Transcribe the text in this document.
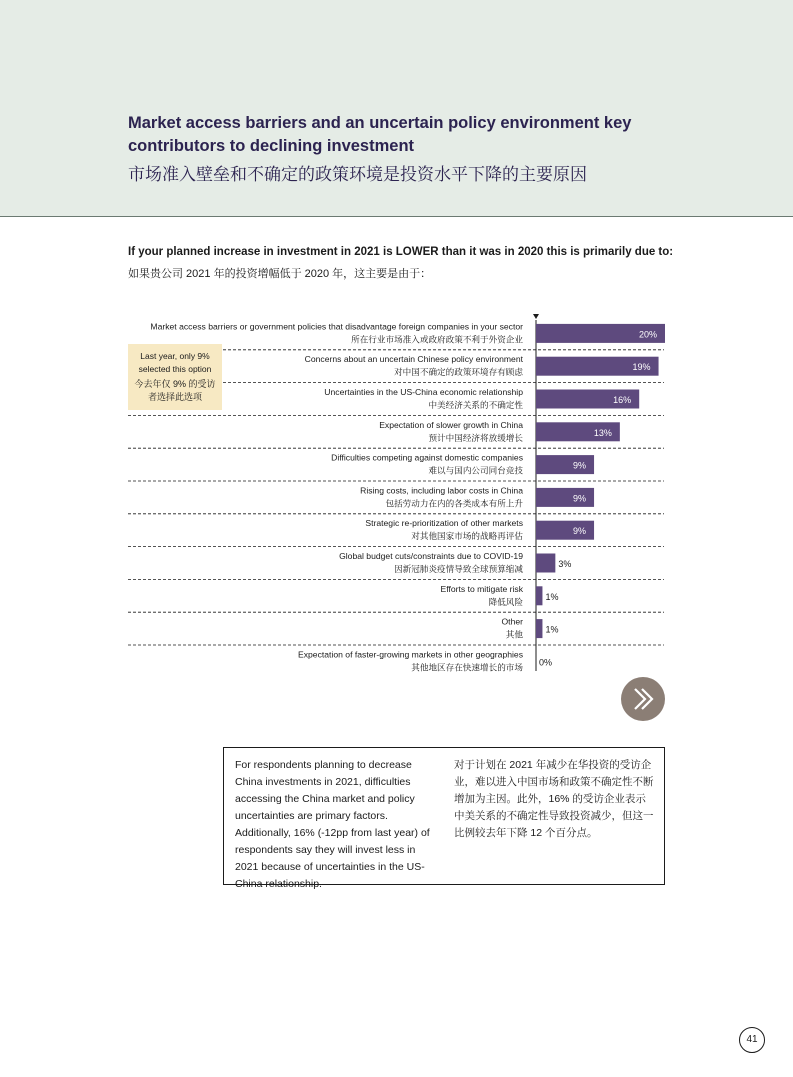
Market access barriers and an uncertain policy environment key contributors to declining investment
市场准入壁垒和不确定的政策环境是投资水平下降的主要原因
If your planned increase in investment in 2021 is LOWER than it was in 2020 this is primarily due to:
如果贵公司 2021 年的投资增幅低于 2020 年，这主要是由于：
Market access barriers or government policies that disadvantage foreign companies in your sector
所在行业市场准入或政府政策不利于外资企业
20%
Concerns about an uncertain Chinese policy environment
对中国不确定的政策环境存有顾虑
19%
Uncertainties in the US-China economic relationship
中美经济关系的不确定性
16%
Expectation of slower growth in China
预计中国经济将放缓增长
13%
Difficulties competing against domestic companies
难以与国内公司同台竞技
9%
Rising costs, including labor costs in China
包括劳动力在内的各类成本有所上升
9%
Strategic re-prioritization of other markets
对其他国家市场的战略再评估
9%
Global budget cuts/constraints due to COVID-19
因新冠肺炎疫情导致全球预算缩减
3%
Efforts to mitigate risk
降低风险
1%
Other
其他
1%
Expectation of faster-growing markets in other geographies
其他地区存在快速增长的市场
0%
Last year, only 9% selected this option
今去年仅 9% 的受访者选择此选项
For respondents planning to decrease China investments in 2021, difficulties accessing the China market and policy uncertainties are primary factors. Additionally, 16% (-12pp from last year) of respondents say they will invest less in 2021 because of uncertainties in the US-China relationship.
对于计划在 2021 年减少在华投资的受访企业，难以进入中国市场和政策不确定性不断增加为主因。此外，16% 的受访企业表示中美关系的不确定性导致投资减少，但这一比例较去年下降 12 个百分点。
41
